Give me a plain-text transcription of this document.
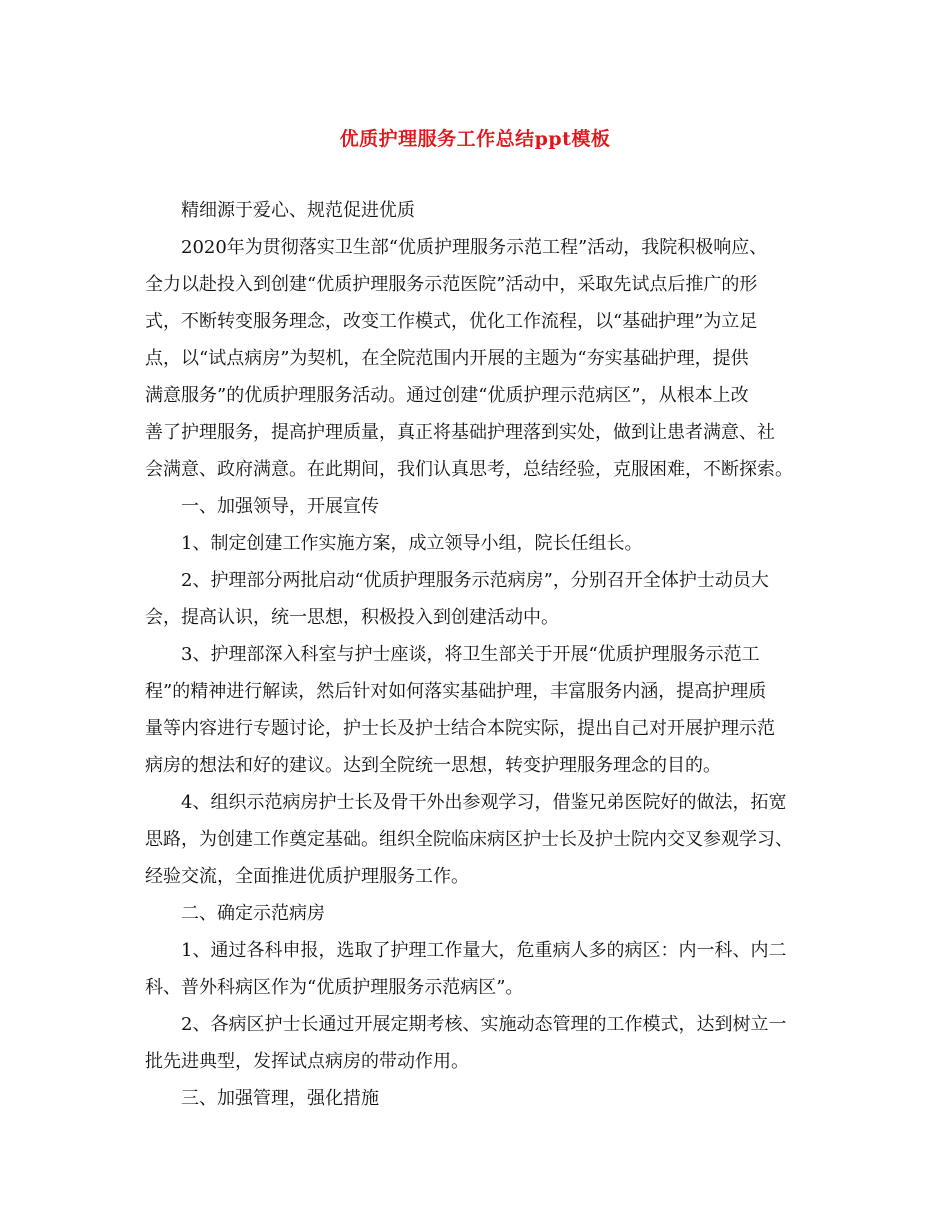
优质护理服务工作总结ppt模板
精细源于爱心、规范促进优质
2020年为贯彻落实卫生部“优质护理服务示范工程”活动，我院积极响应、
全力以赴投入到创建“优质护理服务示范医院”活动中，采取先试点后推广的形
式，不断转变服务理念，改变工作模式，优化工作流程，以“基础护理”为立足
点，以“试点病房”为契机，在全院范围内开展的主题为“夯实基础护理，提供
满意服务”的优质护理服务活动。通过创建“优质护理示范病区”，从根本上改
善了护理服务，提高护理质量，真正将基础护理落到实处，做到让患者满意、社
会满意、政府满意。在此期间，我们认真思考，总结经验，克服困难，不断探索。
一、加强领导，开展宣传
1、制定创建工作实施方案，成立领导小组，院长任组长。
2、护理部分两批启动“优质护理服务示范病房”，分别召开全体护士动员大
会，提高认识，统一思想，积极投入到创建活动中。
3、护理部深入科室与护士座谈，将卫生部关于开展“优质护理服务示范工
程”的精神进行解读，然后针对如何落实基础护理，丰富服务内涵，提高护理质
量等内容进行专题讨论，护士长及护士结合本院实际，提出自己对开展护理示范
病房的想法和好的建议。达到全院统一思想，转变护理服务理念的目的。
4、组织示范病房护士长及骨干外出参观学习，借鉴兄弟医院好的做法，拓宽
思路，为创建工作奠定基础。组织全院临床病区护士长及护士院内交叉参观学习、
经验交流，全面推进优质护理服务工作。
二、确定示范病房
1、通过各科申报，选取了护理工作量大，危重病人多的病区：内一科、内二
科、普外科病区作为“优质护理服务示范病区”。
2、各病区护士长通过开展定期考核、实施动态管理的工作模式，达到树立一
批先进典型，发挥试点病房的带动作用。
三、加强管理，强化措施
